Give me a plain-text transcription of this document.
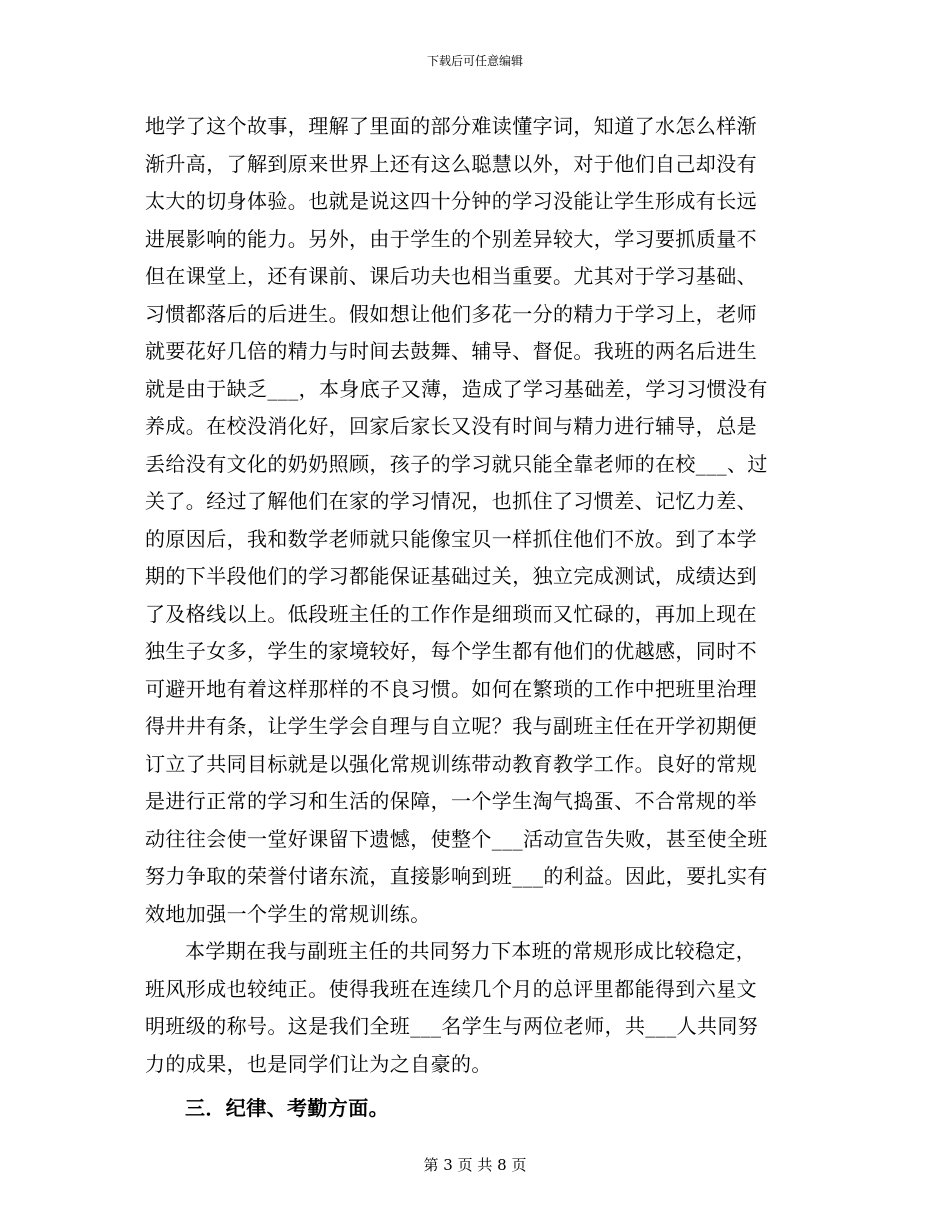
下载后可任意编辑
地学了这个故事，理解了里面的部分难读懂字词，知道了水怎么样渐
渐升高，了解到原来世界上还有这么聪慧以外，对于他们自己却没有
太大的切身体验。也就是说这四十分钟的学习没能让学生形成有长远
进展影响的能力。另外，由于学生的个别差异较大，学习要抓质量不
但在课堂上，还有课前、课后功夫也相当重要。尤其对于学习基础、
习惯都落后的后进生。假如想让他们多花一分的精力于学习上，老师
就要花好几倍的精力与时间去鼓舞、辅导、督促。我班的两名后进生
就是由于缺乏___，本身底子又薄，造成了学习基础差，学习习惯没有
养成。在校没消化好，回家后家长又没有时间与精力进行辅导，总是
丢给没有文化的奶奶照顾，孩子的学习就只能全靠老师的在校___、过
关了。经过了解他们在家的学习情况，也抓住了习惯差、记忆力差、
的原因后，我和数学老师就只能像宝贝一样抓住他们不放。到了本学
期的下半段他们的学习都能保证基础过关，独立完成测试，成绩达到
了及格线以上。低段班主任的工作作是细琐而又忙碌的，再加上现在
独生子女多，学生的家境较好，每个学生都有他们的优越感，同时不
可避开地有着这样那样的不良习惯。如何在繁琐的工作中把班里治理
得井井有条，让学生学会自理与自立呢？我与副班主任在开学初期便
订立了共同目标就是以强化常规训练带动教育教学工作。良好的常规
是进行正常的学习和生活的保障，一个学生淘气捣蛋、不合常规的举
动往往会使一堂好课留下遗憾，使整个___活动宣告失败，甚至使全班
努力争取的荣誉付诸东流，直接影响到班___的利益。因此，要扎实有
效地加强一个学生的常规训练。
本学期在我与副班主任的共同努力下本班的常规形成比较稳定，
班风形成也较纯正。使得我班在连续几个月的总评里都能得到六星文
明班级的称号。这是我们全班___名学生与两位老师，共___人共同努
力的成果，也是同学们让为之自豪的。
三．纪律、考勤方面。
第 3 页 共 8 页
